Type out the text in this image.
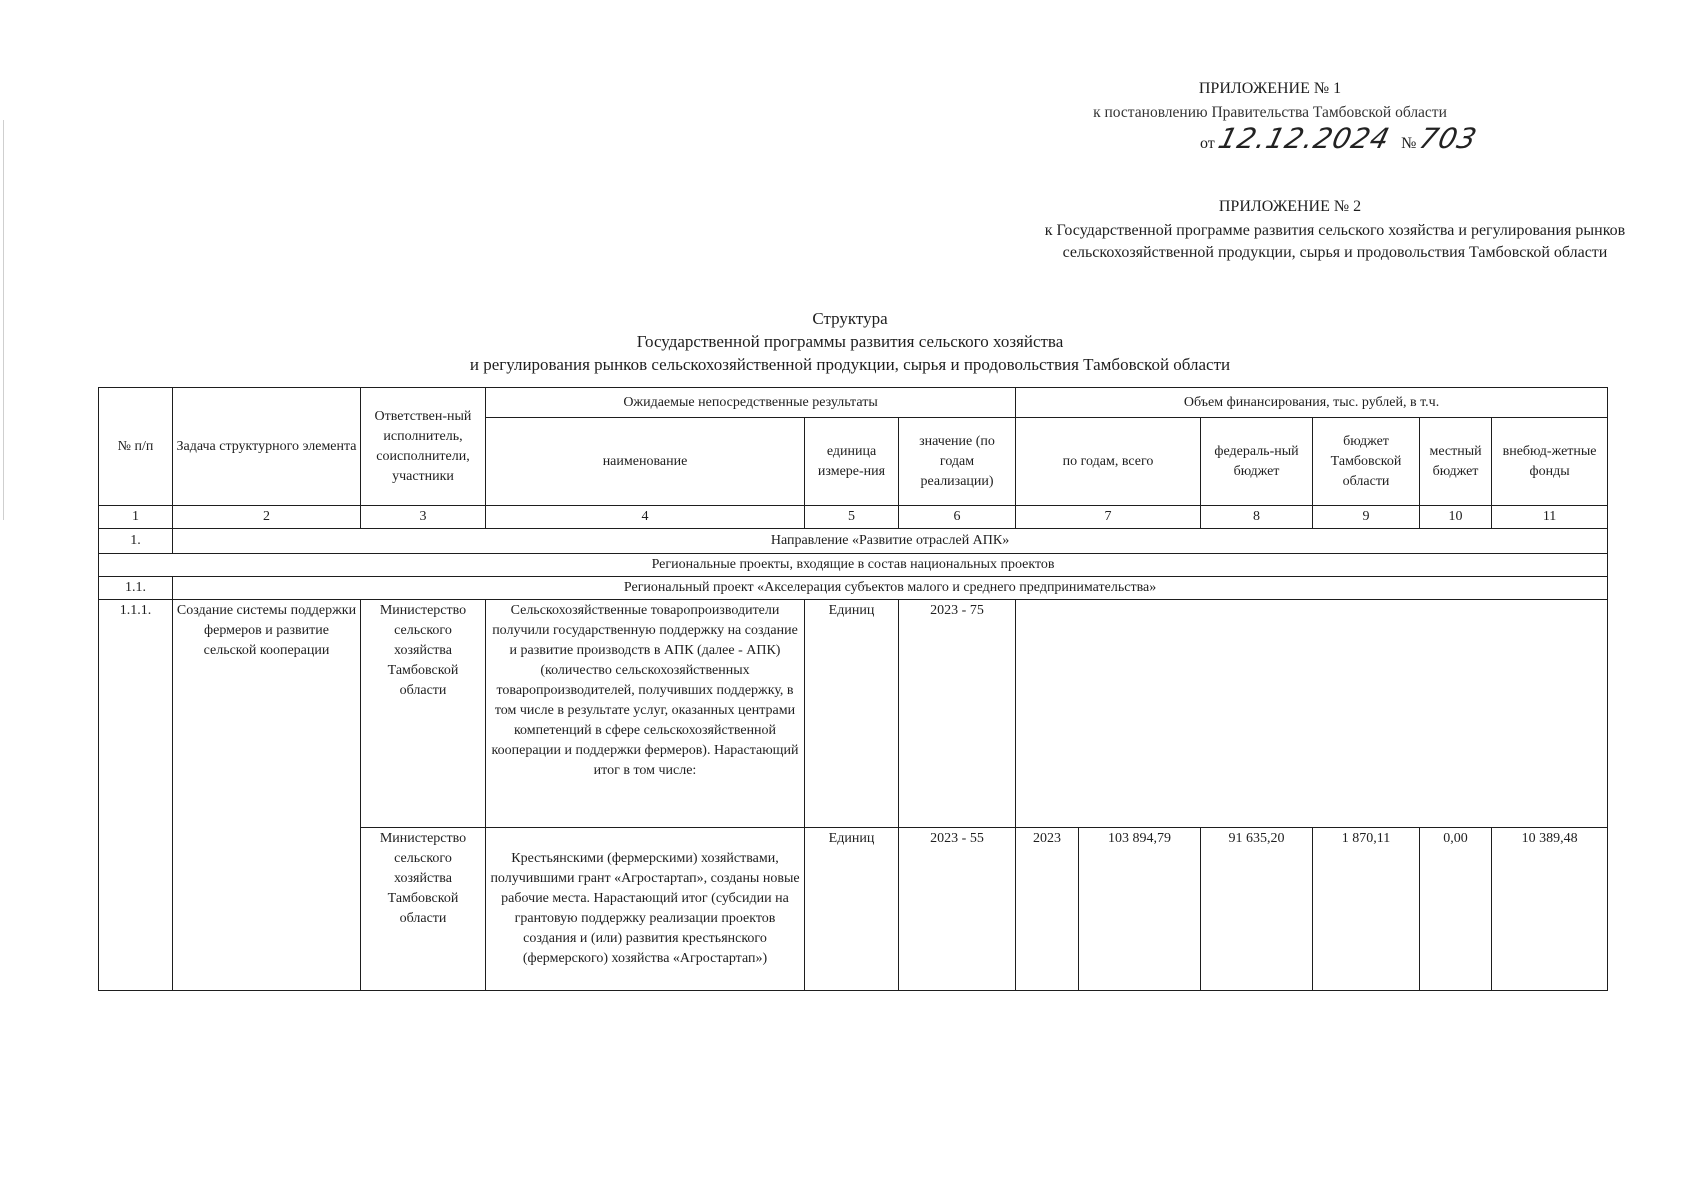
ПРИЛОЖЕНИЕ № 1
к постановлению Правительства Тамбовской области
от 12.12.2024 № 703
ПРИЛОЖЕНИЕ № 2
к Государственной программе развития сельского хозяйства и регулирования рынков сельскохозяйственной продукции, сырья и продовольствия Тамбовской области
Структура
Государственной программы развития сельского хозяйства
и регулирования рынков сельскохозяйственной продукции, сырья и продовольствия Тамбовской области
№ п/п	Задача структурного элемента	Ответствен-ный исполнитель, соисполнители, участники	Ожидаемые непосредственные результаты			Объем финансирования, тыс. рублей, в т.ч.					
			наименование	единица измере-ния	значение (по годам реализации)	по годам, всего		федераль-ный бюджет	бюджет Тамбовской области	местный бюджет	внебюд-жетные фонды
1	2	3	4	5	6	7		8	9	10	11
1.	Направление «Развитие отраслей АПК»										
Региональные проекты, входящие в состав национальных проектов											
1.1.	Региональный проект «Акселерация субъектов малого и среднего предпринимательства»										
1.1.1.	Создание системы поддержки фермеров и развитие сельской кооперации	Министерство сельского хозяйства Тамбовской области	Сельскохозяйственные товаропроизводители получили государственную поддержку на создание и развитие производств в АПК (далее - АПК) (количество сельскохозяйственных товаропроизводителей, получивших поддержку, в том числе в результате услуг, оказанных центрами компетенций в сфере сельскохозяйственной кооперации и поддержки фермеров). Нарастающий итог в том числе:	Единиц	2023 - 75						
		Министерство сельского хозяйства Тамбовской области	Крестьянскими (фермерскими) хозяйствами, получившими грант «Агростартап», созданы новые рабочие места. Нарастающий итог (субсидии на грантовую поддержку реализации проектов создания и (или) развития крестьянского (фермерского) хозяйства «Агростартап»)	Единиц	2023 - 55	2023	103 894,79	91 635,20	1 870,11	0,00	10 389,48
